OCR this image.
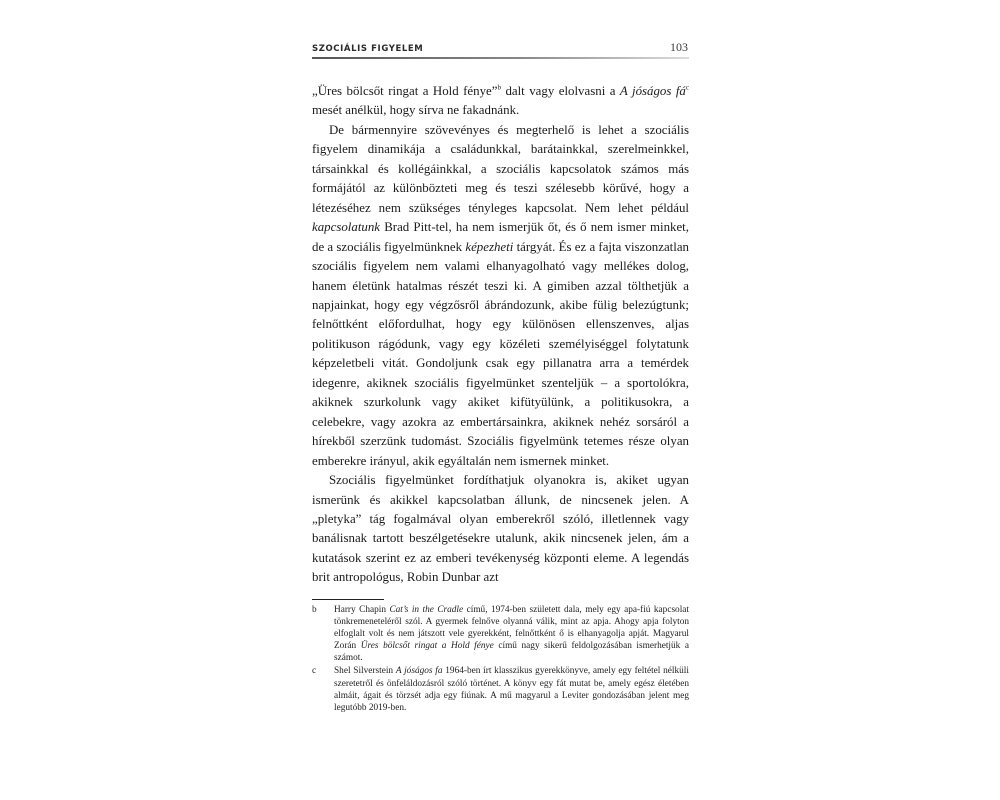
SZOCIÁLIS FIGYELEM	103

„Üres bölcsőt ringat a Hold fénye”$^b$ dalt vagy elolvasni a A jóságos $fá^c$ mesét anélkül, hogy sírva ne fakadnánk.

De bármennyire szövevényes és megterhelő is lehet a szociális figyelem dinamikája a családunkkal, barátainkkal, szerelmeinkkel, társainkkal és kollégáinkkal, a szociális kapcsolatok számos más formájától az különbözteti meg és teszi szélesebb körűvé, hogy a létezéséhez nem szükséges tényleges kapcsolat. Nem lehet például kapcsolatunk Brad Pitt-tel, ha nem ismerjük őt, és ő nem ismer minket, de a szociális figyelmünknek képezheti tárgyát. És ez a fajta viszonzatlan szociális figyelem nem valami elhanyagolható vagy mellékes dolog, hanem életünk hatalmas részét teszi ki. A gimiben azzal tölthetjük a napjainkat, hogy egy végzősről ábrándozunk, akibe fülig belezúgtunk; felnőttként előfordulhat, hogy egy különösen ellenszenves, aljas politikuson rágódunk, vagy egy közéleti személyiséggel folytatunk képzeletbeli vitát. Gondoljunk csak egy pillanatra arra a temérdek idegenre, akiknek szociális figyelmünket szenteljük – a sportolókra, akiknek szurkolunk vagy akiket kifütyülünk, a politikusokra, a celebekre, vagy azokra az embertársainkra, akiknek nehéz sorsáról a hírekből szerzünk tudomást. Szociális figyelmünk tetemes része olyan emberekre irányul, akik egyáltalán nem ismernek minket.

Szociális figyelmünket fordíthatjuk olyanokra is, akiket ugyan ismerünk és akikkel kapcsolatban állunk, de nincsenek jelen. A „pletyka” tág fogalmával olyan emberekről szóló, illetlennek vagy banálisnak tartott beszélgetésekre utalunk, akik nincsenek jelen, ám a kutatások szerint ez az emberi tevékenység központi eleme. A legendás brit antropológus, Robin Dunbar azt

b Harry Chapin Cat’s in the Cradle című, 1974-ben született dala, mely egy apa-fiú kapcsolat tönkremeneteléről szól. A gyermek felnőve olyanná válik, mint az apja. Ahogy apja folyton elfoglalt volt és nem játszott vele gyerekként, felnőttként ő is elhanyagolja apját. Magyarul Zorán Üres bölcsőt ringat a Hold fénye című nagy sikerű feldolgozásában ismerhetjük a számot.
c Shel Silverstein A jóságos fa 1964-ben írt klasszikus gyerekkönyve, amely egy feltétel nélküli szeretetről és önfeláldozásról szóló történet. A könyv egy fát mutat be, amely egész életében almáit, ágait és törzsét adja egy fiúnak. A mű magyarul a Leviter gondozásában jelent meg legutóbb 2019-ben.
